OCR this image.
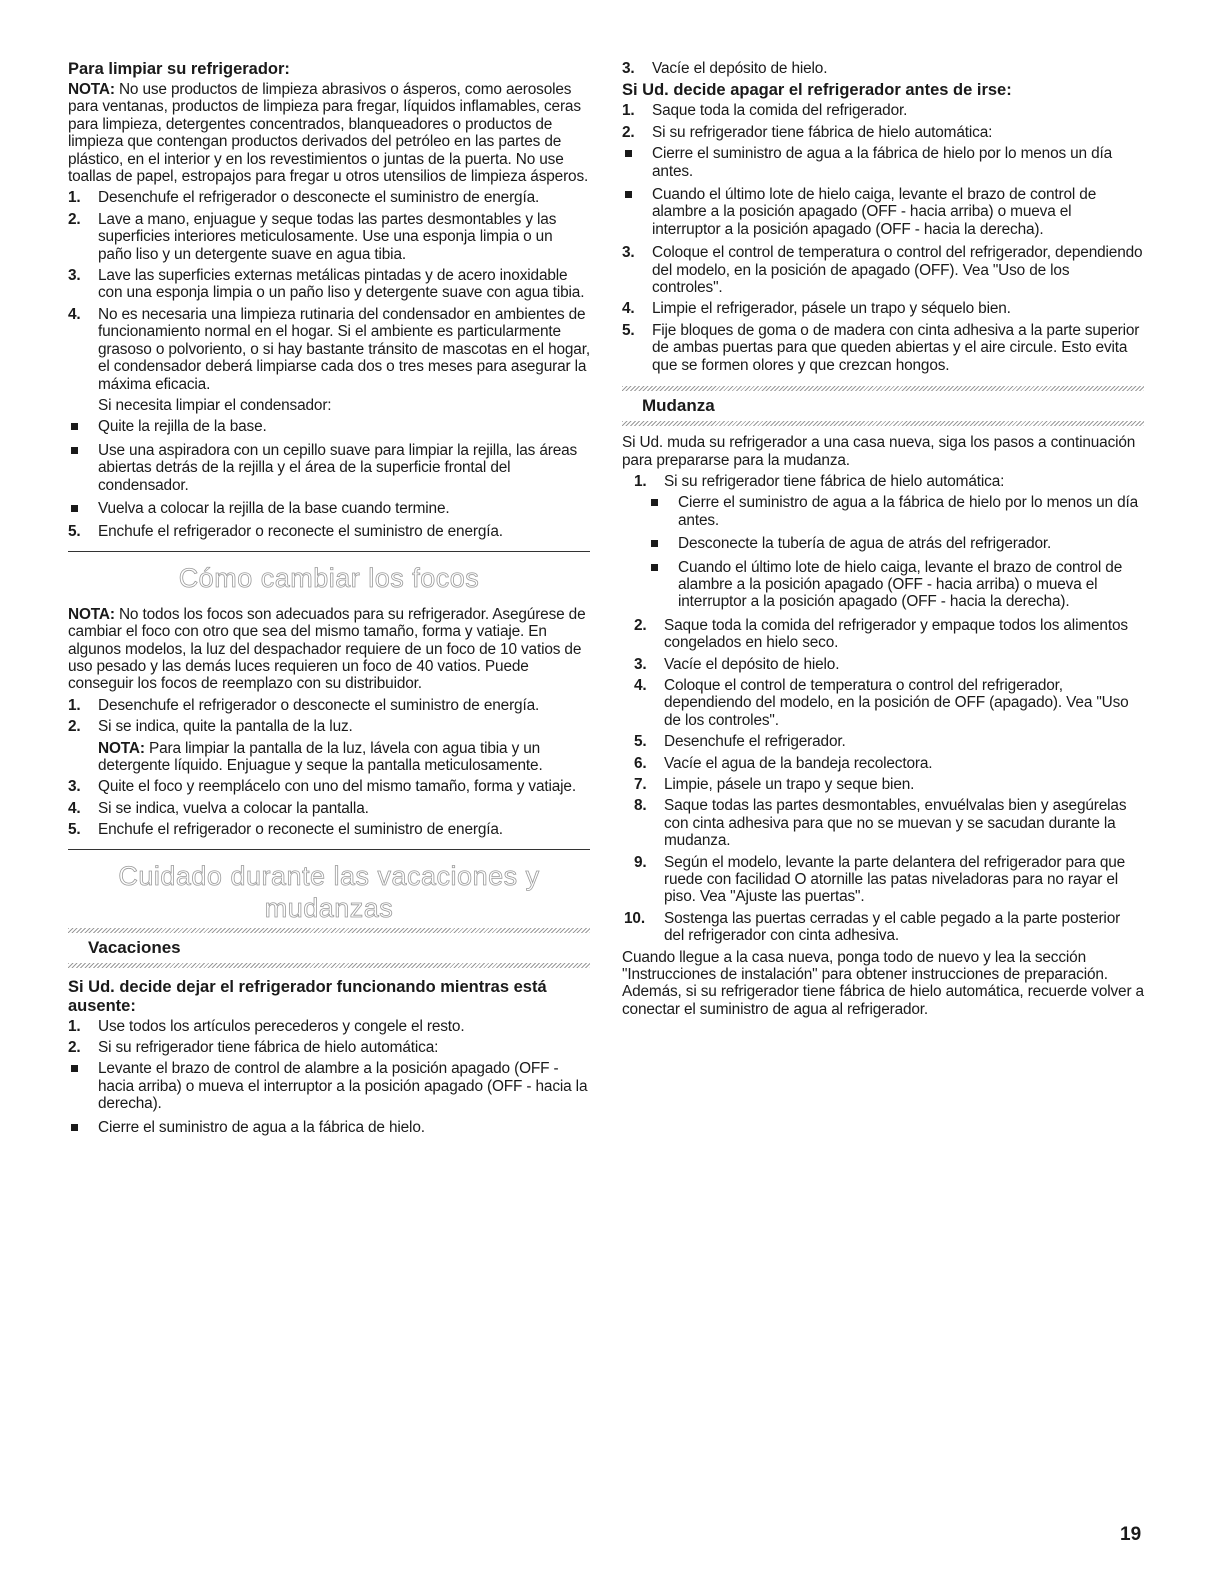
Para limpiar su refrigerador:

NOTA: No use productos de limpieza abrasivos o ásperos, como aerosoles para ventanas, productos de limpieza para fregar, líquidos inflamables, ceras para limpieza, detergentes concentrados, blanqueadores o productos de limpieza que contengan productos derivados del petróleo en las partes de plástico, en el interior y en los revestimientos o juntas de la puerta. No use toallas de papel, estropajos para fregar u otros utensilios de limpieza ásperos.

1. Desenchufe el refrigerador o desconecte el suministro de energía.
2. Lave a mano, enjuague y seque todas las partes desmontables y las superficies interiores meticulosamente. Use una esponja limpia o un paño liso y un detergente suave en agua tibia.
3. Lave las superficies externas metálicas pintadas y de acero inoxidable con una esponja limpia o un paño liso y detergente suave con agua tibia.
4. No es necesaria una limpieza rutinaria del condensador en ambientes de funcionamiento normal en el hogar. Si el ambiente es particularmente grasoso o polvoriento, o si hay bastante tránsito de mascotas en el hogar, el condensador deberá limpiarse cada dos o tres meses para asegurar la máxima eficacia.
Si necesita limpiar el condensador:
Quite la rejilla de la base.
Use una aspiradora con un cepillo suave para limpiar la rejilla, las áreas abiertas detrás de la rejilla y el área de la superficie frontal del condensador.
Vuelva a colocar la rejilla de la base cuando termine.
5. Enchufe el refrigerador o reconecte el suministro de energía.
Cómo cambiar los focos

NOTA: No todos los focos son adecuados para su refrigerador. Asegúrese de cambiar el foco con otro que sea del mismo tamaño, forma y vatiaje. En algunos modelos, la luz del despachador requiere de un foco de 10 vatios de uso pesado y las demás luces requieren un foco de 40 vatios. Puede conseguir los focos de reemplazo con su distribuidor.

1. Desenchufe el refrigerador o desconecte el suministro de energía.
2. Si se indica, quite la pantalla de la luz.
NOTA: Para limpiar la pantalla de la luz, lávela con agua tibia y un detergente líquido. Enjuague y seque la pantalla meticulosamente.
3. Quite el foco y reemplácelo con uno del mismo tamaño, forma y vatiaje.
4. Si se indica, vuelva a colocar la pantalla.
5. Enchufe el refrigerador o reconecte el suministro de energía.
Cuidado durante las vacaciones y
mudanzas
Vacaciones
Si Ud. decide dejar el refrigerador funcionando mientras está ausente:
1. Use todos los artículos perecederos y congele el resto.
2. Si su refrigerador tiene fábrica de hielo automática:
Levante el brazo de control de alambre a la posición apagado (OFF - hacia arriba) o mueva el interruptor a la posición apagado (OFF - hacia la derecha).
Cierre el suministro de agua a la fábrica de hielo.
3. Vacíe el depósito de hielo.
Si Ud. decide apagar el refrigerador antes de irse:
1. Saque toda la comida del refrigerador.
2. Si su refrigerador tiene fábrica de hielo automática:
Cierre el suministro de agua a la fábrica de hielo por lo menos un día antes.
Cuando el último lote de hielo caiga, levante el brazo de control de alambre a la posición apagado (OFF - hacia arriba) o mueva el interruptor a la posición apagado (OFF - hacia la derecha).
3. Coloque el control de temperatura o control del refrigerador, dependiendo del modelo, en la posición de apagado (OFF). Vea "Uso de los controles".
4. Limpie el refrigerador, pásele un trapo y séquelo bien.
5. Fije bloques de goma o de madera con cinta adhesiva a la parte superior de ambas puertas para que queden abiertas y el aire circule. Esto evita que se formen olores y que crezcan hongos.
Mudanza

Si Ud. muda su refrigerador a una casa nueva, siga los pasos a continuación para prepararse para la mudanza.

1. Si su refrigerador tiene fábrica de hielo automática:
Cierre el suministro de agua a la fábrica de hielo por lo menos un día antes.
Desconecte la tubería de agua de atrás del refrigerador.
Cuando el último lote de hielo caiga, levante el brazo de control de alambre a la posición apagado (OFF - hacia arriba) o mueva el interruptor a la posición apagado (OFF - hacia la derecha).
2. Saque toda la comida del refrigerador y empaque todos los alimentos congelados en hielo seco.
3. Vacíe el depósito de hielo.
4. Coloque el control de temperatura o control del refrigerador, dependiendo del modelo, en la posición de OFF (apagado). Vea "Uso de los controles".
5. Desenchufe el refrigerador.
6. Vacíe el agua de la bandeja recolectora.
7. Limpie, pásele un trapo y seque bien.
8. Saque todas las partes desmontables, envuélvalas bien y asegúrelas con cinta adhesiva para que no se muevan y se sacudan durante la mudanza.
9. Según el modelo, levante la parte delantera del refrigerador para que ruede con facilidad O atornille las patas niveladoras para no rayar el piso. Vea "Ajuste las puertas".
10. Sostenga las puertas cerradas y el cable pegado a la parte posterior del refrigerador con cinta adhesiva.

Cuando llegue a la casa nueva, ponga todo de nuevo y lea la sección "Instrucciones de instalación" para obtener instrucciones de preparación. Además, si su refrigerador tiene fábrica de hielo automática, recuerde volver a conectar el suministro de agua al refrigerador.

19
